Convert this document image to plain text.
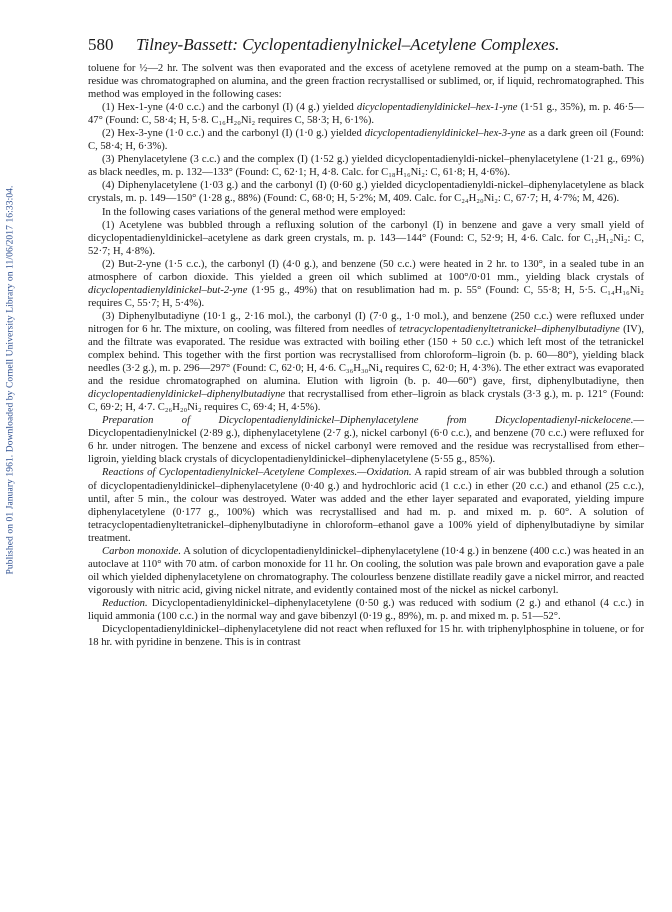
Published on 01 January 1961. Downloaded by Cornell University Library on 11/06/2017 16:33:04.
580 Tilney-Bassett: Cyclopentadienylnickel–Acetylene Complexes.

toluene for ½—2 hr. The solvent was then evaporated and the excess of acetylene removed at the pump on a steam-bath. The residue was chromatographed on alumina, and the green fraction recrystallised or sublimed, or, if liquid, rechromatographed. This method was employed in the following cases:

(1) Hex-1-yne (4·0 c.c.) and the carbonyl (I) (4 g.) yielded dicyclopentadienyldinickel–hex-1-yne (1·51 g., 35%), m. p. 46·5—47° (Found: C, 58·4; H, 5·8. C₁₆H₂₀Ni₂ requires C, 58·3; H, 6·1%).

(2) Hex-3-yne (1·0 c.c.) and the carbonyl (I) (1·0 g.) yielded dicyclopentadienyldinickel–hex-3-yne as a dark green oil (Found: C, 58·4; H, 6·3%).

(3) Phenylacetylene (3 c.c.) and the complex (I) (1·52 g.) yielded dicyclopentadienyldi-nickel–phenylacetylene (1·21 g., 69%) as black needles, m. p. 132—133° (Found: C, 62·1; H, 4·8. Calc. for C₁₈H₁₆Ni₂: C, 61·8; H, 4·6%).

(4) Diphenylacetylene (1·03 g.) and the carbonyl (I) (0·60 g.) yielded dicyclopentadienyldi-nickel–diphenylacetylene as black crystals, m. p. 149—150° (1·28 g., 88%) (Found: C, 68·0; H, 5·2%; M, 409. Calc. for C₂₄H₂₀Ni₂: C, 67·7; H, 4·7%; M, 426).

In the following cases variations of the general method were employed:

(1) Acetylene was bubbled through a refluxing solution of the carbonyl (I) in benzene and gave a very small yield of dicyclopentadienyldinickel–acetylene as dark green crystals, m. p. 143—144° (Found: C, 52·9; H, 4·6. Calc. for C₁₂H₁₂Ni₂: C, 52·7; H, 4·8%).

(2) But-2-yne (1·5 c.c.), the carbonyl (I) (4·0 g.), and benzene (50 c.c.) were heated in 2 hr. to 130°, in a sealed tube in an atmosphere of carbon dioxide. This yielded a green oil which sublimed at 100°/0·01 mm., yielding black crystals of dicyclopentadienyldinickel–but-2-yne (1·95 g., 49%) that on resublimation had m. p. 55° (Found: C, 55·8; H, 5·5. C₁₄H₁₆Ni₂ requires C, 55·7; H, 5·4%).

(3) Diphenylbutadiyne (10·1 g., 2·16 mol.), the carbonyl (I) (7·0 g., 1·0 mol.), and benzene (250 c.c.) were refluxed under nitrogen for 6 hr. The mixture, on cooling, was filtered from needles of tetracyclopentadienyltetranickel–diphenylbutadiyne (IV), and the filtrate was evaporated. The residue was extracted with boiling ether (150 + 50 c.c.) which left most of the tetranickel complex behind. This together with the first portion was recrystallised from chloroform–ligroin (b. p. 60—80°), yielding black needles (3·2 g.), m. p. 296—297° (Found: C, 62·0; H, 4·6. C₃₆H₃₀Ni₄ requires C, 62·0; H, 4·3%). The ether extract was evaporated and the residue chromatographed on alumina. Elution with ligroin (b. p. 40—60°) gave, first, diphenylbutadiyne, then dicyclopentadienyldinickel–diphenylbutadiyne that recrystallised from ether–ligroin as black crystals (3·3 g.), m. p. 121° (Found: C, 69·2; H, 4·7. C₂₆H₂₀Ni₂ requires C, 69·4; H, 4·5%).

Preparation of Dicyclopentadienyldinickel–Diphenylacetylene from Dicyclopentadienyl-nickelocene.—Dicyclopentadienylnickel (2·89 g.), diphenylacetylene (2·7 g.), nickel carbonyl (6·0 c.c.), and benzene (70 c.c.) were refluxed for 6 hr. under nitrogen. The benzene and excess of nickel carbonyl were removed and the residue was recrystallised from ether–ligroin, yielding black crystals of dicyclopentadienyldinickel–diphenylacetylene (5·55 g., 85%).

Reactions of Cyclopentadienylnickel–Acetylene Complexes.—Oxidation. A rapid stream of air was bubbled through a solution of dicyclopentadienyldinickel–diphenylacetylene (0·40 g.) and hydrochloric acid (1 c.c.) in ether (20 c.c.) and ethanol (25 c.c.), until, after 5 min., the colour was destroyed. Water was added and the ether layer separated and evaporated, yielding impure diphenylacetylene (0·177 g., 100%) which was recrystallised and had m. p. and mixed m. p. 60°. A solution of tetracyclopentadienyltetranickel–diphenylbutadiyne in chloroform–ethanol gave a 100% yield of diphenylbutadiyne by similar treatment.

Carbon monoxide. A solution of dicyclopentadienyldinickel–diphenylacetylene (10·4 g.) in benzene (400 c.c.) was heated in an autoclave at 110° with 70 atm. of carbon monoxide for 11 hr. On cooling, the solution was pale brown and evaporation gave a pale oil which yielded diphenylacetylene on chromatography. The colourless benzene distillate readily gave a nickel mirror, and reacted vigorously with nitric acid, giving nickel nitrate, and evidently contained most of the nickel as nickel carbonyl.

Reduction. Dicyclopentadienyldinickel–diphenylacetylene (0·50 g.) was reduced with sodium (2 g.) and ethanol (4 c.c.) in liquid ammonia (100 c.c.) in the normal way and gave bibenzyl (0·19 g., 89%), m. p. and mixed m. p. 51—52°.

Dicyclopentadienyldinickel–diphenylacetylene did not react when refluxed for 15 hr. with triphenylphosphine in toluene, or for 18 hr. with pyridine in benzene. This is in contrast
